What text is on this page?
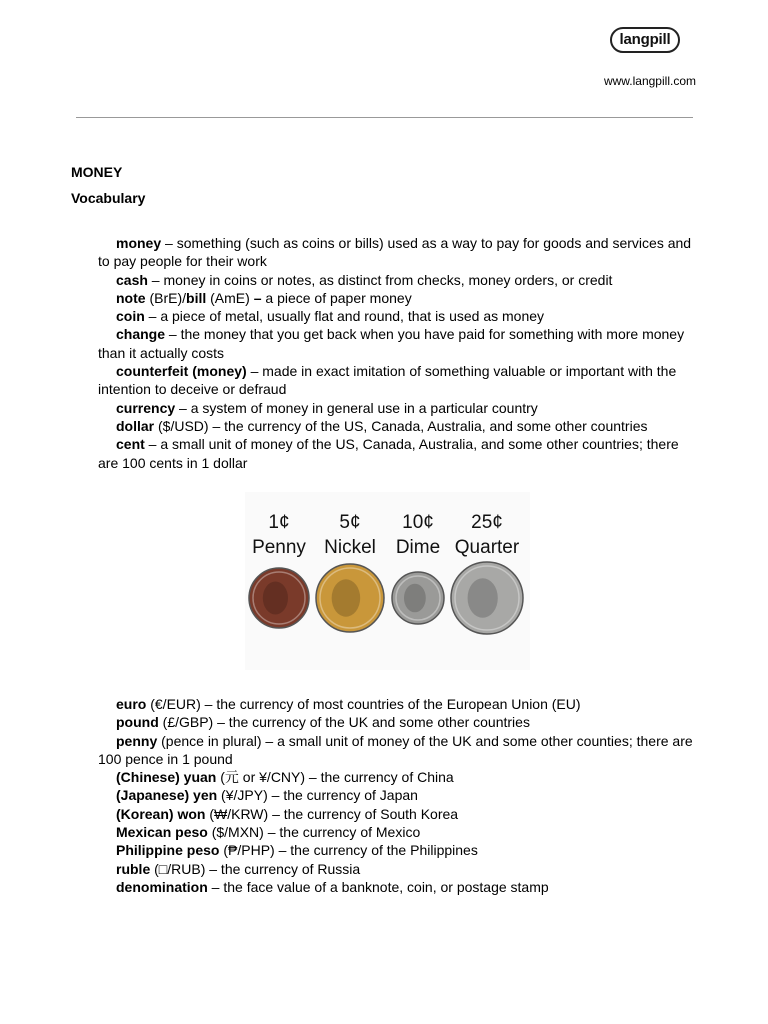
langpill
www.langpill.com
MONEY
Vocabulary

money – something (such as coins or bills) used as a way to pay for goods and services and to pay people for their work

cash – money in coins or notes, as distinct from checks, money orders, or credit

note (BrE)/bill (AmE) – a piece of paper money

coin – a piece of metal, usually flat and round, that is used as money

change – the money that you get back when you have paid for something with more money than it actually costs

counterfeit (money) – made in exact imitation of something valuable or important with the intention to deceive or defraud

currency – a system of money in general use in a particular country

dollar ($/USD) – the currency of the US, Canada, Australia, and some other countries

cent – a small unit of money of the US, Canada, Australia, and some other countries; there are 100 cents in 1 dollar

1¢
Penny
5¢
Nickel
10¢
Dime
25¢
Quarter

euro (€/EUR) – the currency of most countries of the European Union (EU)

pound (£/GBP) – the currency of the UK and some other countries

penny (pence in plural) – a small unit of money of the UK and some other counties; there are 100 pence in 1 pound

(Chinese) yuan (元 or ¥/CNY) – the currency of China

(Japanese) yen (¥/JPY) – the currency of Japan

(Korean) won (₩/KRW) – the currency of South Korea

Mexican peso ($/MXN) – the currency of Mexico

Philippine peso (₱/PHP) – the currency of the Philippines

ruble (□/RUB) – the currency of Russia

denomination – the face value of a banknote, coin, or postage stamp
